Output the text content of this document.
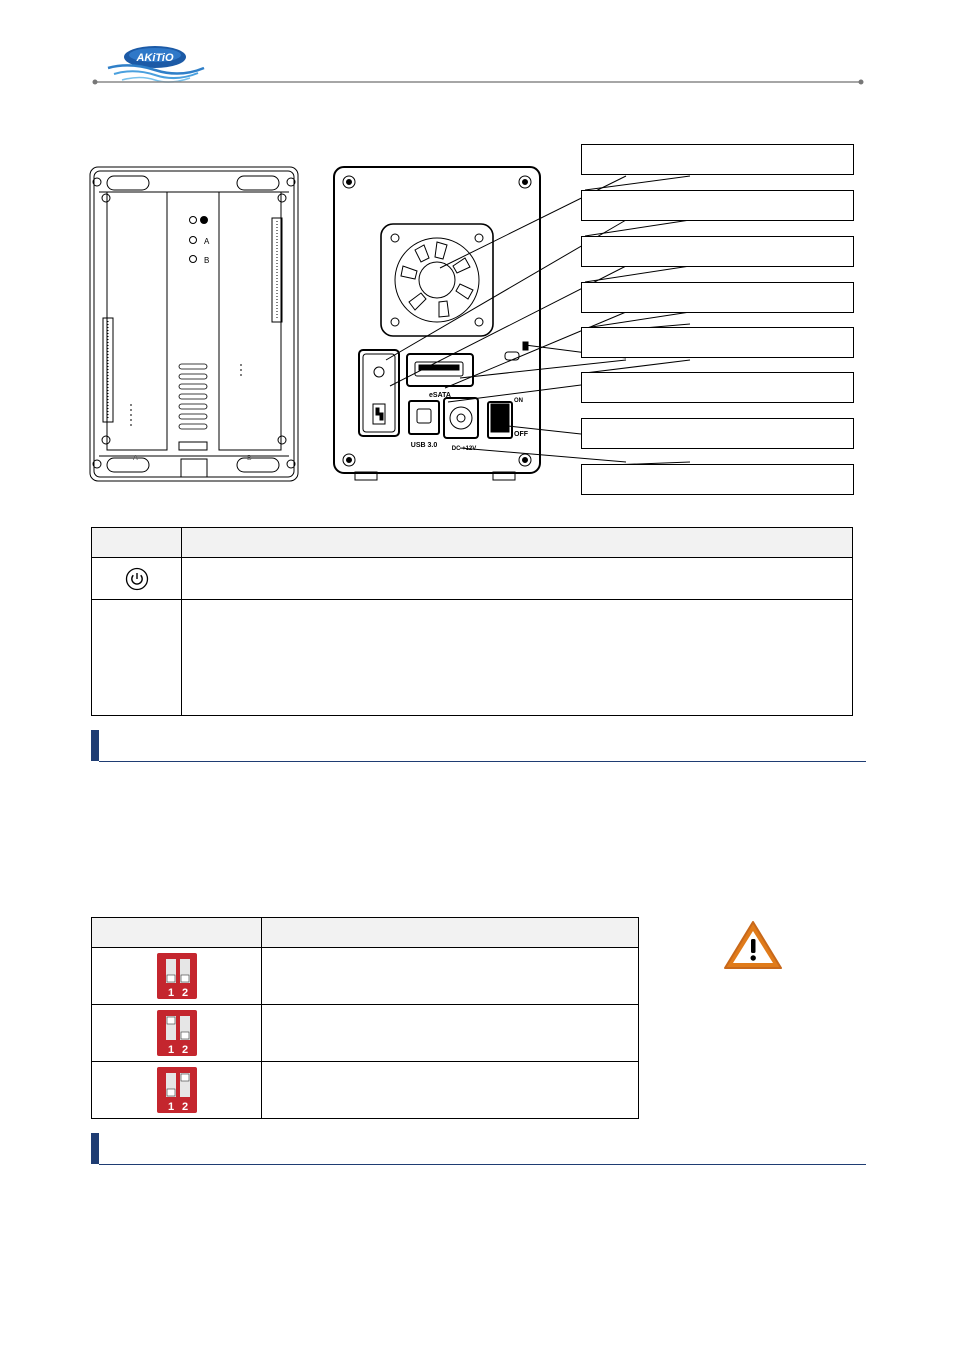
AKiTiO
A
B
A	B
eSATA
USB 3.0 DC +12V
ON
OFF

1 2	

1 2	

1 2	
